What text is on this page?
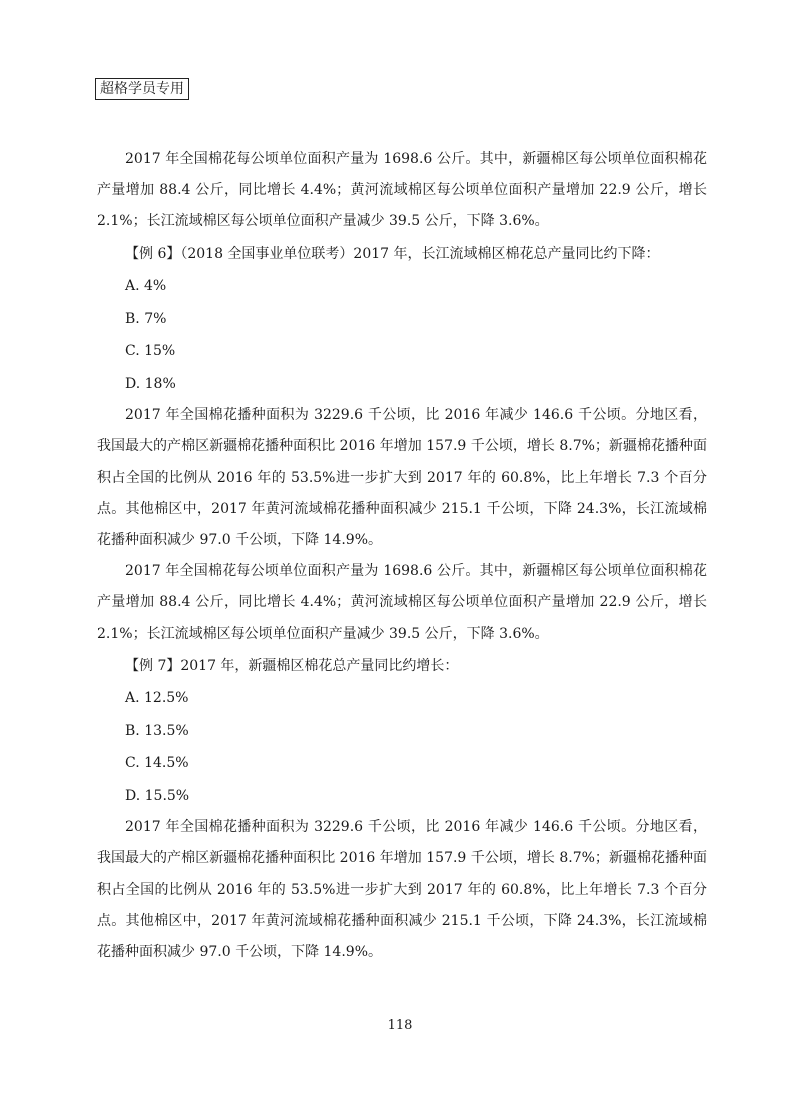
超格学员专用

2017 年全国棉花每公顷单位面积产量为 1698.6 公斤。其中，新疆棉区每公顷单位面积棉花产量增加 88.4 公斤，同比增长 4.4%；黄河流域棉区每公顷单位面积产量增加 22.9 公斤，增长 2.1%；长江流域棉区每公顷单位面积产量减少 39.5 公斤，下降 3.6%。

【例 6】（2018 全国事业单位联考）2017 年，长江流域棉区棉花总产量同比约下降：

A. 4%

B. 7%

C. 15%

D. 18%

2017 年全国棉花播种面积为 3229.6 千公顷，比 2016 年减少 146.6 千公顷。分地区看，我国最大的产棉区新疆棉花播种面积比 2016 年增加 157.9 千公顷，增长 8.7%；新疆棉花播种面积占全国的比例从 2016 年的 53.5%进一步扩大到 2017 年的 60.8%，比上年增长 7.3 个百分点。其他棉区中，2017 年黄河流域棉花播种面积减少 215.1 千公顷，下降 24.3%，长江流域棉花播种面积减少 97.0 千公顷，下降 14.9%。

2017 年全国棉花每公顷单位面积产量为 1698.6 公斤。其中，新疆棉区每公顷单位面积棉花产量增加 88.4 公斤，同比增长 4.4%；黄河流域棉区每公顷单位面积产量增加 22.9 公斤，增长 2.1%；长江流域棉区每公顷单位面积产量减少 39.5 公斤，下降 3.6%。

【例 7】2017 年，新疆棉区棉花总产量同比约增长：

A. 12.5%

B. 13.5%

C. 14.5%

D. 15.5%

2017 年全国棉花播种面积为 3229.6 千公顷，比 2016 年减少 146.6 千公顷。分地区看，我国最大的产棉区新疆棉花播种面积比 2016 年增加 157.9 千公顷，增长 8.7%；新疆棉花播种面积占全国的比例从 2016 年的 53.5%进一步扩大到 2017 年的 60.8%，比上年增长 7.3 个百分点。其他棉区中，2017 年黄河流域棉花播种面积减少 215.1 千公顷，下降 24.3%，长江流域棉花播种面积减少 97.0 千公顷，下降 14.9%。

118
